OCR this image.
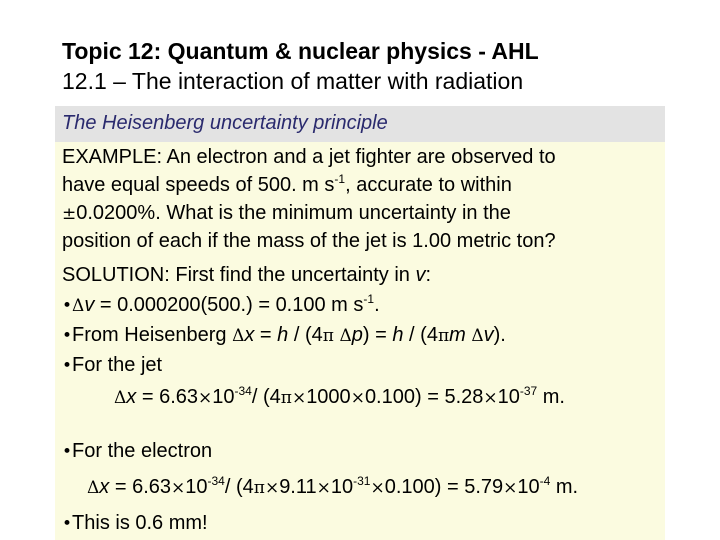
Topic 12: Quantum & nuclear physics - AHL
12.1 – The interaction of matter with radiation
The Heisenberg uncertainty principle
EXAMPLE: An electron and a jet fighter are observed to
have equal speeds of 500. m $s^{-1}$, accurate to within
±0.0200%. What is the minimum uncertainty in the
position of each if the mass of the jet is 1.00 metric ton?
SOLUTION: First find the uncertainty in v:
•Δv = 0.000200(500.) = 0.100 m $s^{-1}$.
•From Heisenberg Δx = h / (4π Δp) = h / (4πm Δv).
•For the jet
$\Delta x = 6.63\times 10^{-34}/$ $(4\pi\times 1000\times 0.100) = 5.28\times 10^{-37}$ m.
•For the electron
$\Delta x = 6.63\times 10^{-34}/$ $(4\pi\times 9.11\times 10^{-31}\times 0.100) = 5.79\times 10^{-4}$ m.
•This is 0.6 mm!
